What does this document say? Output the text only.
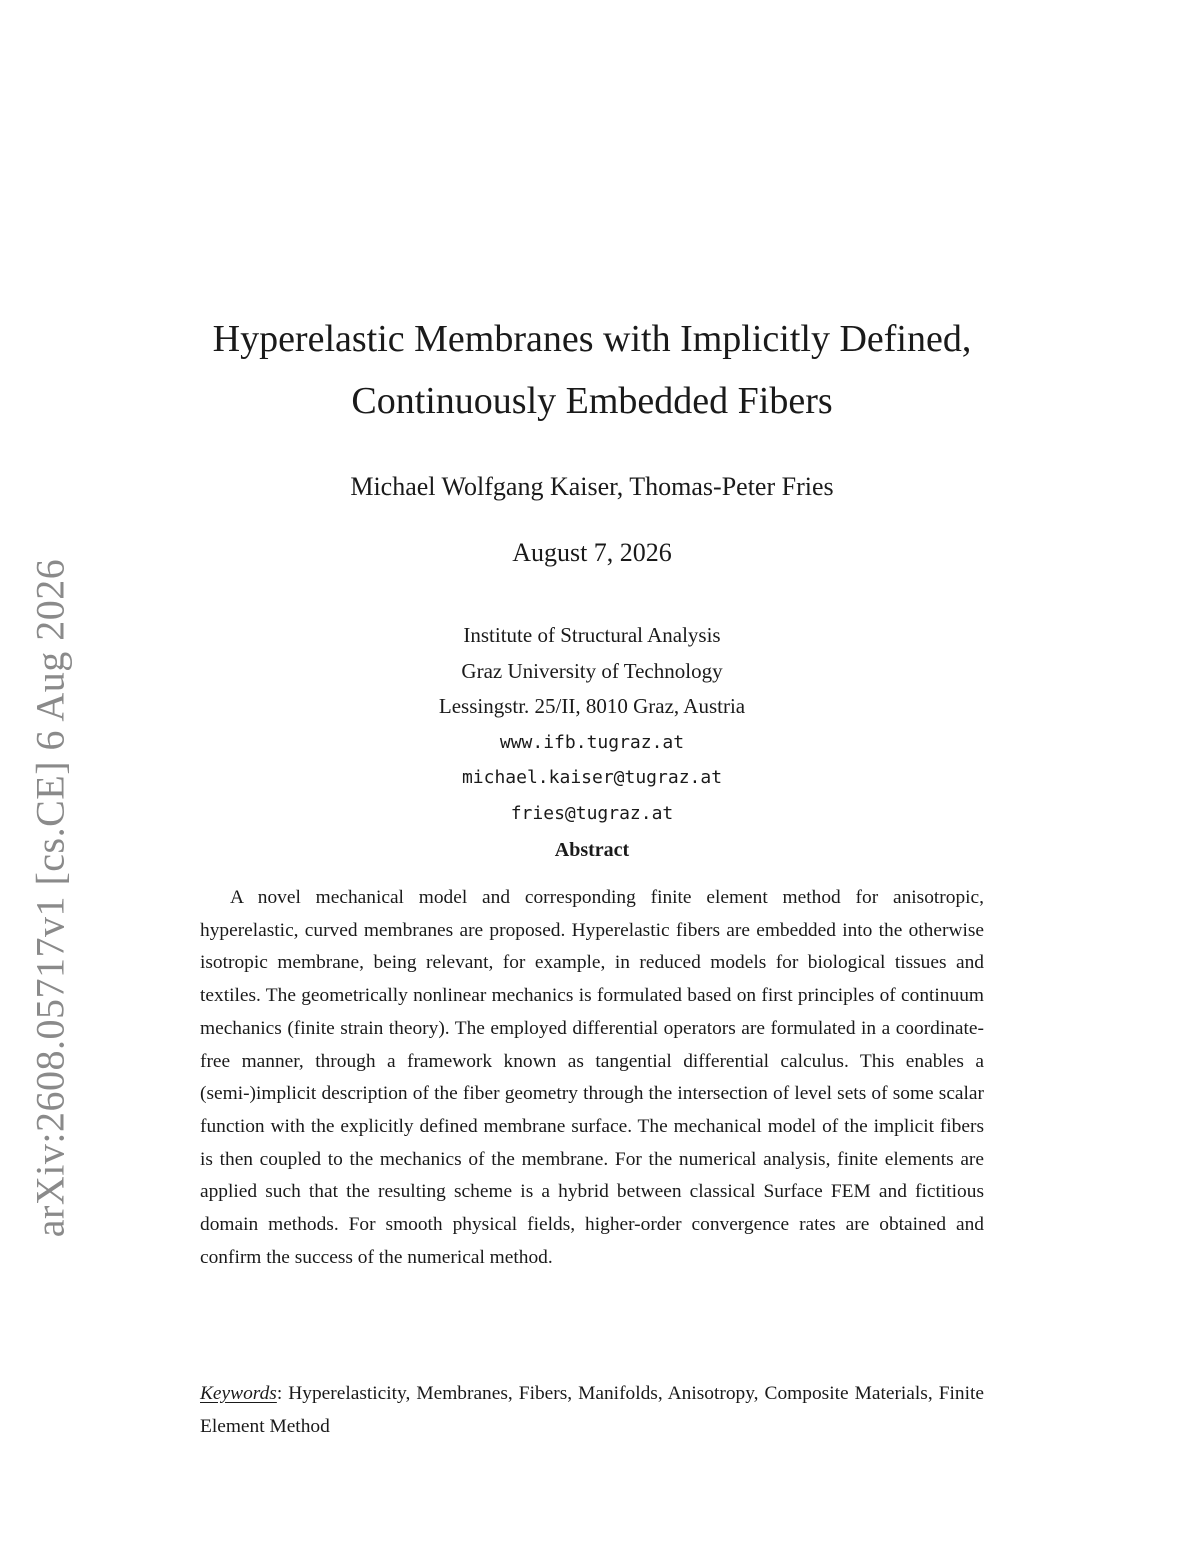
arXiv:2608.05717v1 [cs.CE] 6 Aug 2026
Hyperelastic Membranes with Implicitly Defined,
Continuously Embedded Fibers
Michael Wolfgang Kaiser, Thomas-Peter Fries
August 7, 2026
Institute of Structural Analysis
Graz University of Technology
Lessingstr. 25/II, 8010 Graz, Austria
www.ifb.tugraz.at
michael.kaiser@tugraz.at
fries@tugraz.at
Abstract

A novel mechanical model and corresponding finite element method for anisotropic, hyperelastic, curved membranes are proposed. Hyperelastic fibers are embedded into the otherwise isotropic membrane, being relevant, for example, in reduced models for biological tissues and textiles. The geometrically nonlinear mechanics is formulated based on first principles of continuum mechanics (finite strain theory). The employed differential operators are formulated in a coordinate-free manner, through a framework known as tangential differential calculus. This enables a (semi-)implicit description of the fiber geometry through the intersection of level sets of some scalar function with the explicitly defined membrane surface. The mechanical model of the implicit fibers is then coupled to the mechanics of the membrane. For the numerical analysis, finite elements are applied such that the resulting scheme is a hybrid between classical Surface FEM and fictitious domain methods. For smooth physical fields, higher-order convergence rates are obtained and confirm the success of the numerical method.

Keywords: Hyperelasticity, Membranes, Fibers, Manifolds, Anisotropy, Composite Materials, Finite Element Method
